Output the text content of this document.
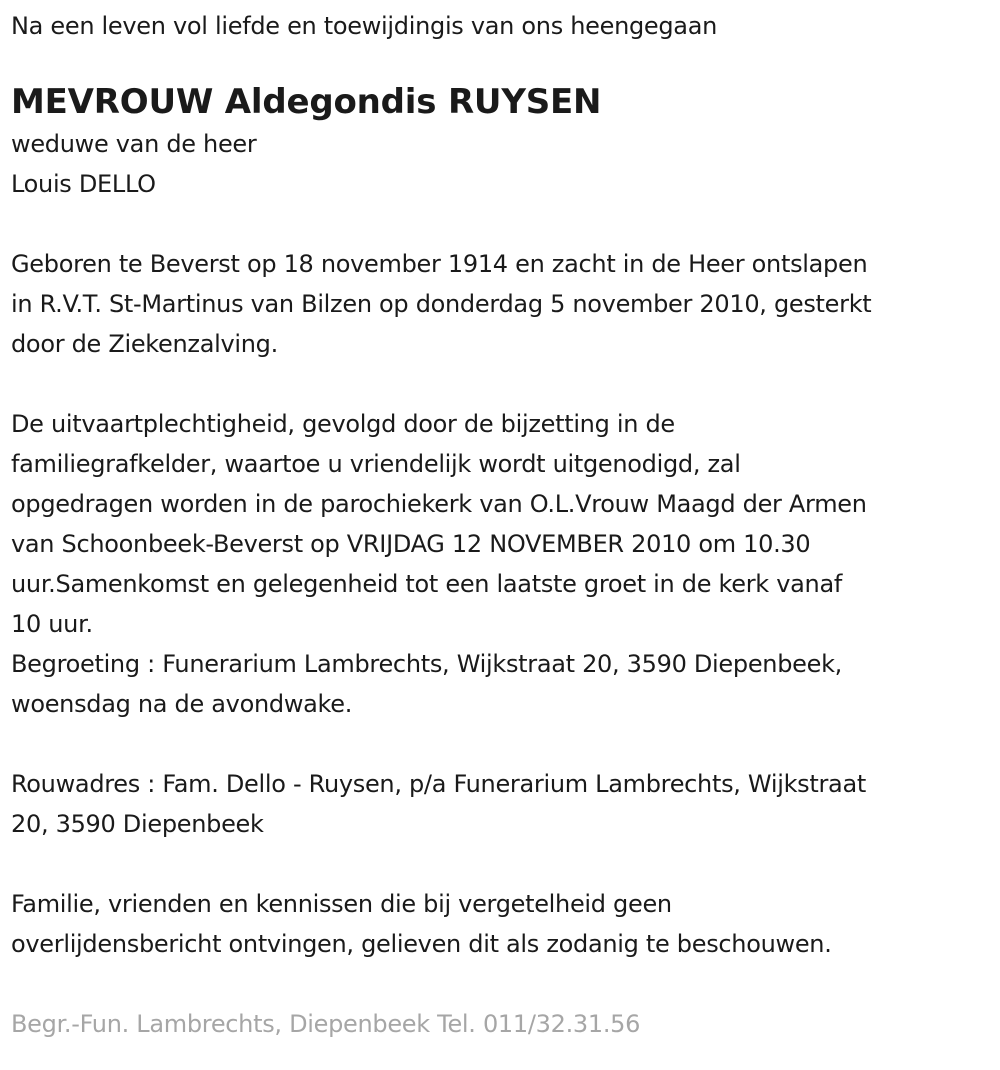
Na een leven vol liefde en toewijdingis van ons heengegaan

MEVROUW Aldegondis RUYSEN

weduwe van de heer

Louis DELLO

Geboren te Beverst op 18 november 1914 en zacht in de Heer ontslapen

in R.V.T. St-Martinus van Bilzen op donderdag 5 november 2010, gesterkt

door de Ziekenzalving.

De uitvaartplechtigheid, gevolgd door de bijzetting in de

familiegrafkelder, waartoe u vriendelijk wordt uitgenodigd, zal

opgedragen worden in de parochiekerk van O.L.Vrouw Maagd der Armen

van Schoonbeek-Beverst op VRIJDAG 12 NOVEMBER 2010 om 10.30

uur.Samenkomst en gelegenheid tot een laatste groet in de kerk vanaf

10 uur.

Begroeting : Funerarium Lambrechts, Wijkstraat 20, 3590 Diepenbeek,

woensdag na de avondwake.

Rouwadres : Fam. Dello - Ruysen, p/a Funerarium Lambrechts, Wijkstraat

20, 3590 Diepenbeek

Familie, vrienden en kennissen die bij vergetelheid geen

overlijdensbericht ontvingen, gelieven dit als zodanig te beschouwen.

Begr.-Fun. Lambrechts, Diepenbeek Tel. 011/32.31.56
